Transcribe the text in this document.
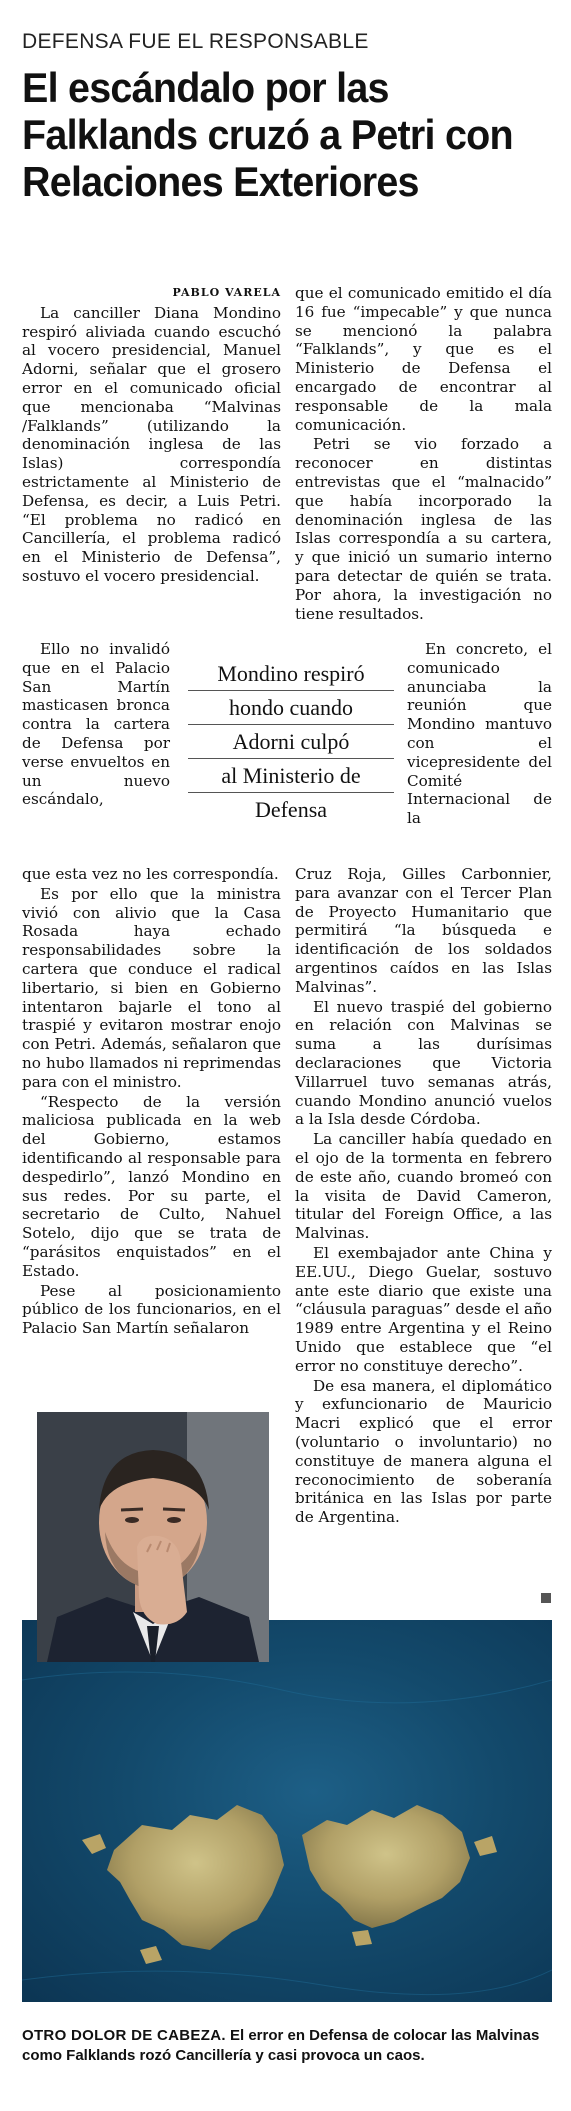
DEFENSA FUE EL RESPONSABLE
El escándalo por las Falklands cruzó a Petri con Relaciones Exteriores

PABLO VARELA

La canciller Diana Mondino respiró aliviada cuando escuchó al vocero presidencial, Manuel Adorni, señalar que el grosero error en el comunicado oficial que mencionaba “Malvinas /Falklands” (utilizando la denominación inglesa de las Islas) correspondía estrictamente al Ministerio de Defensa, es decir, a Luis Petri. “El problema no radicó en Cancillería, el problema radicó en el Ministerio de Defensa”, sostuvo el vocero presidencial.

que el comunicado emitido el día 16 fue “impecable” y que nunca se mencionó la palabra “Falklands”, y que es el Ministerio de Defensa el encargado de encontrar al responsable de la mala comunicación.

Petri se vio forzado a reconocer en distintas entrevistas que el “malnacido” que había incorporado la denominación inglesa de las Islas correspondía a su cartera, y que inició un sumario interno para detectar de quién se trata. Por ahora, la investigación no tiene resultados.

Ello no invalidó que en el Palacio San Martín masticasen bronca contra la cartera de Defensa por verse envueltos en un nuevo escándalo,

Mondino respiró
hondo cuando
Adorni culpó
al Ministerio de
Defensa

En concreto, el comunicado anunciaba la reunión que Mondino mantuvo con el vicepresidente del Comité Internacional de la

que esta vez no les correspondía.

Es por ello que la ministra vivió con alivio que la Casa Rosada haya echado responsabilidades sobre la cartera que conduce el radical libertario, si bien en Gobierno intentaron bajarle el tono al traspié y evitaron mostrar enojo con Petri. Además, señalaron que no hubo llamados ni reprimendas para con el ministro.

“Respecto de la versión maliciosa publicada en la web del Gobierno, estamos identificando al responsable para despedirlo”, lanzó Mondino en sus redes. Por su parte, el secretario de Culto, Nahuel Sotelo, dijo que se trata de “parásitos enquistados” en el Estado.

Pese al posicionamiento público de los funcionarios, en el Palacio San Martín señalaron

Cruz Roja, Gilles Carbonnier, para avanzar con el Tercer Plan de Proyecto Humanitario que permitirá “la búsqueda e identificación de los soldados argentinos caídos en las Islas Malvinas”.

El nuevo traspié del gobierno en relación con Malvinas se suma a las durísimas declaraciones que Victoria Villarruel tuvo semanas atrás, cuando Mondino anunció vuelos a la Isla desde Córdoba.

La canciller había quedado en el ojo de la tormenta en febrero de este año, cuando bromeó con la visita de David Cameron, titular del Foreign Office, a las Malvinas.

El exembajador ante China y EE.UU., Diego Guelar, sostuvo ante este diario que existe una “cláusula paraguas” desde el año 1989 entre Argentina y el Reino Unido que establece que “el error no constituye derecho”.

De esa manera, el diplomático y exfuncionario de Mauricio Macri explicó que el error (voluntario o involuntario) no constituye de manera alguna el reconocimiento de soberanía británica en las Islas por parte de Argentina.

OTRO DOLOR DE CABEZA. El error en Defensa de colocar las Malvinas como Falklands rozó Cancillería y casi provoca un caos.
